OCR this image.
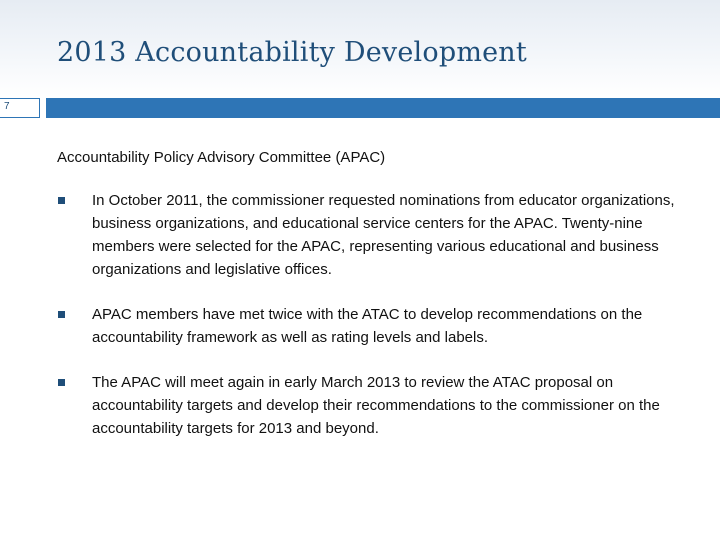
2013 Accountability Development
7
Accountability Policy Advisory Committee (APAC)
In October 2011, the commissioner requested nominations from educator organizations, business organizations, and educational service centers for the APAC. Twenty-nine members were selected for the APAC, representing various educational and business organizations and legislative offices.
APAC members have met twice with the ATAC to develop recommendations on the accountability framework as well as rating levels and labels.
The APAC will meet again in early March 2013 to review the ATAC proposal on accountability targets and develop their recommendations to the commissioner on the accountability targets for 2013 and beyond.
